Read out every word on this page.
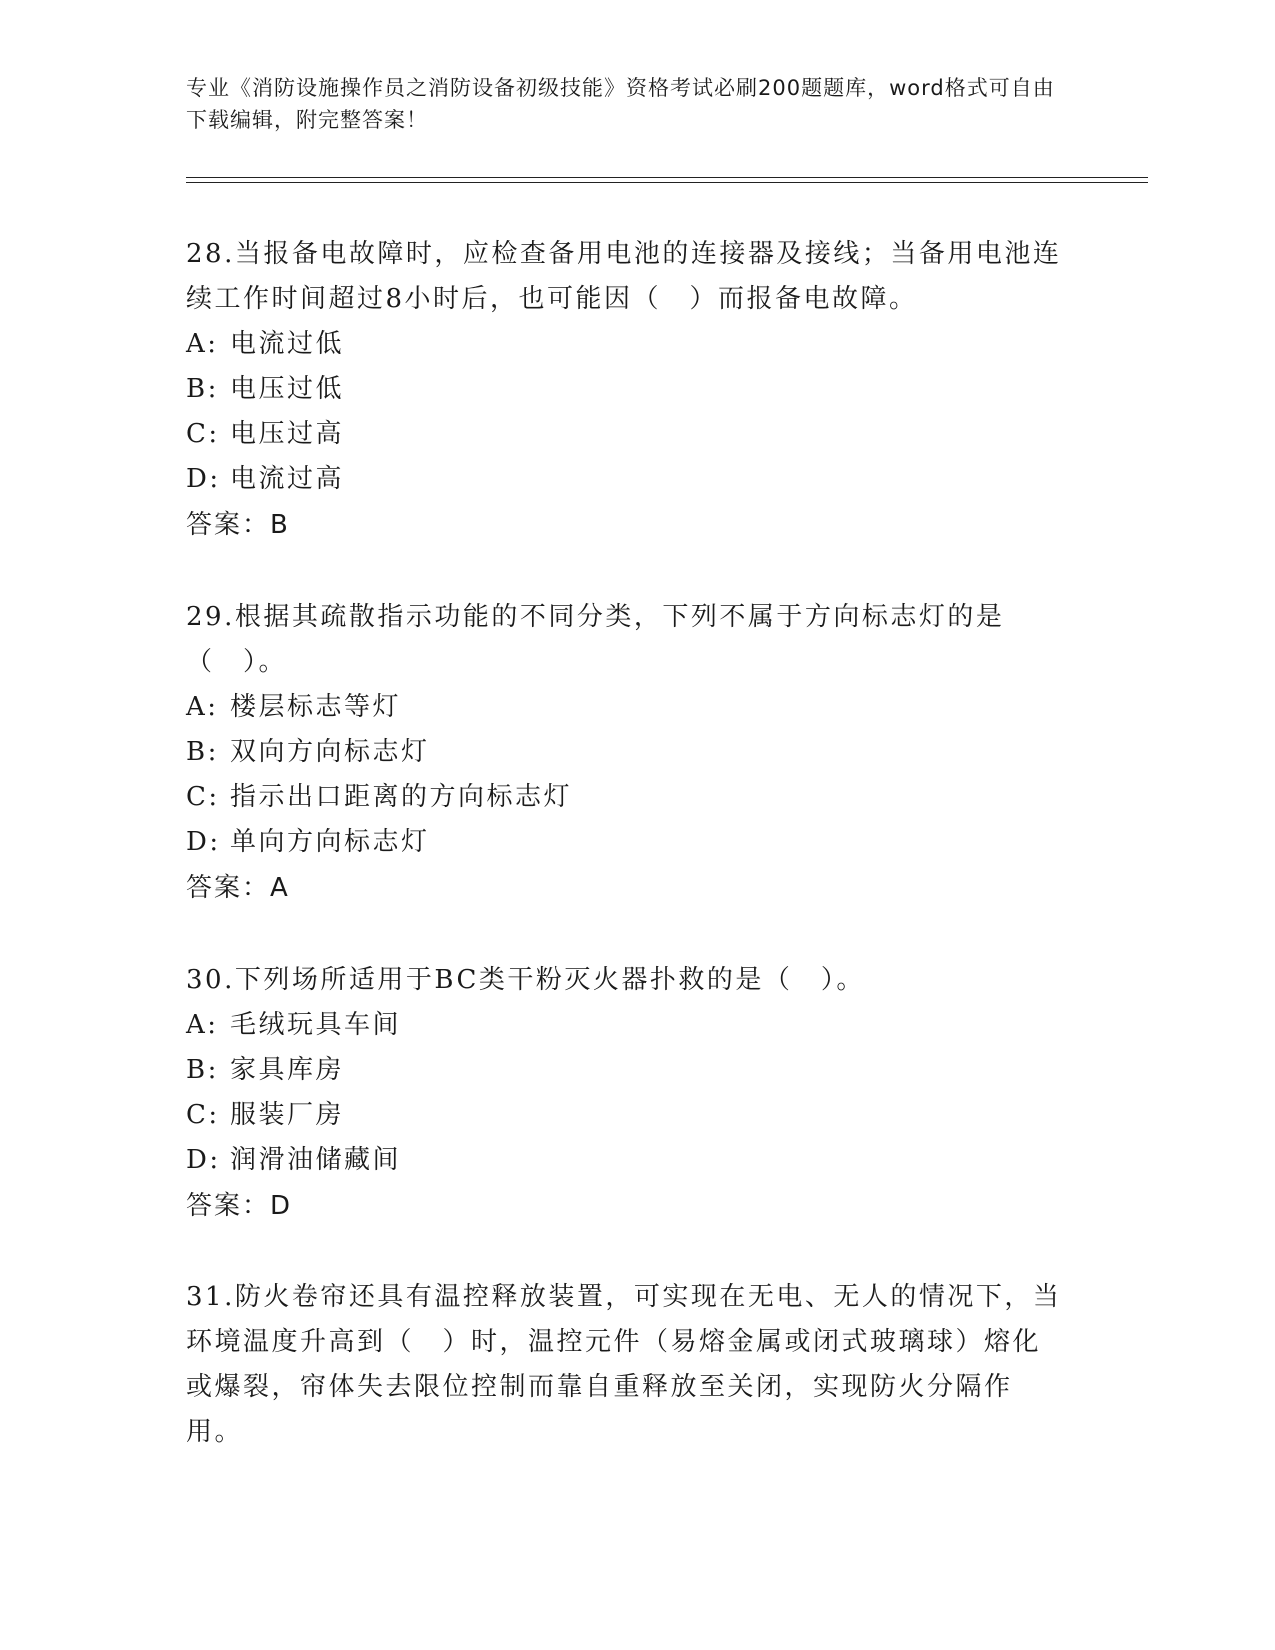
专业《消防设施操作员之消防设备初级技能》资格考试必刷200题题库，word格式可自由下载编辑，附完整答案！
28.当报备电故障时，应检查备用电池的连接器及接线；当备用电池连续工作时间超过8小时后，也可能因（　）而报备电故障。
A: 电流过低
B: 电压过低
C: 电压过高
D: 电流过高
答案：B
29.根据其疏散指示功能的不同分类，下列不属于方向标志灯的是（　）。
A: 楼层标志等灯
B: 双向方向标志灯
C: 指示出口距离的方向标志灯
D: 单向方向标志灯
答案：A
30.下列场所适用于BC类干粉灭火器扑救的是（　）。
A: 毛绒玩具车间
B: 家具库房
C: 服装厂房
D: 润滑油储藏间
答案：D
31.防火卷帘还具有温控释放装置，可实现在无电、无人的情况下，当环境温度升高到（　）时，温控元件（易熔金属或闭式玻璃球）熔化或爆裂，帘体失去限位控制而靠自重释放至关闭，实现防火分隔作用。
